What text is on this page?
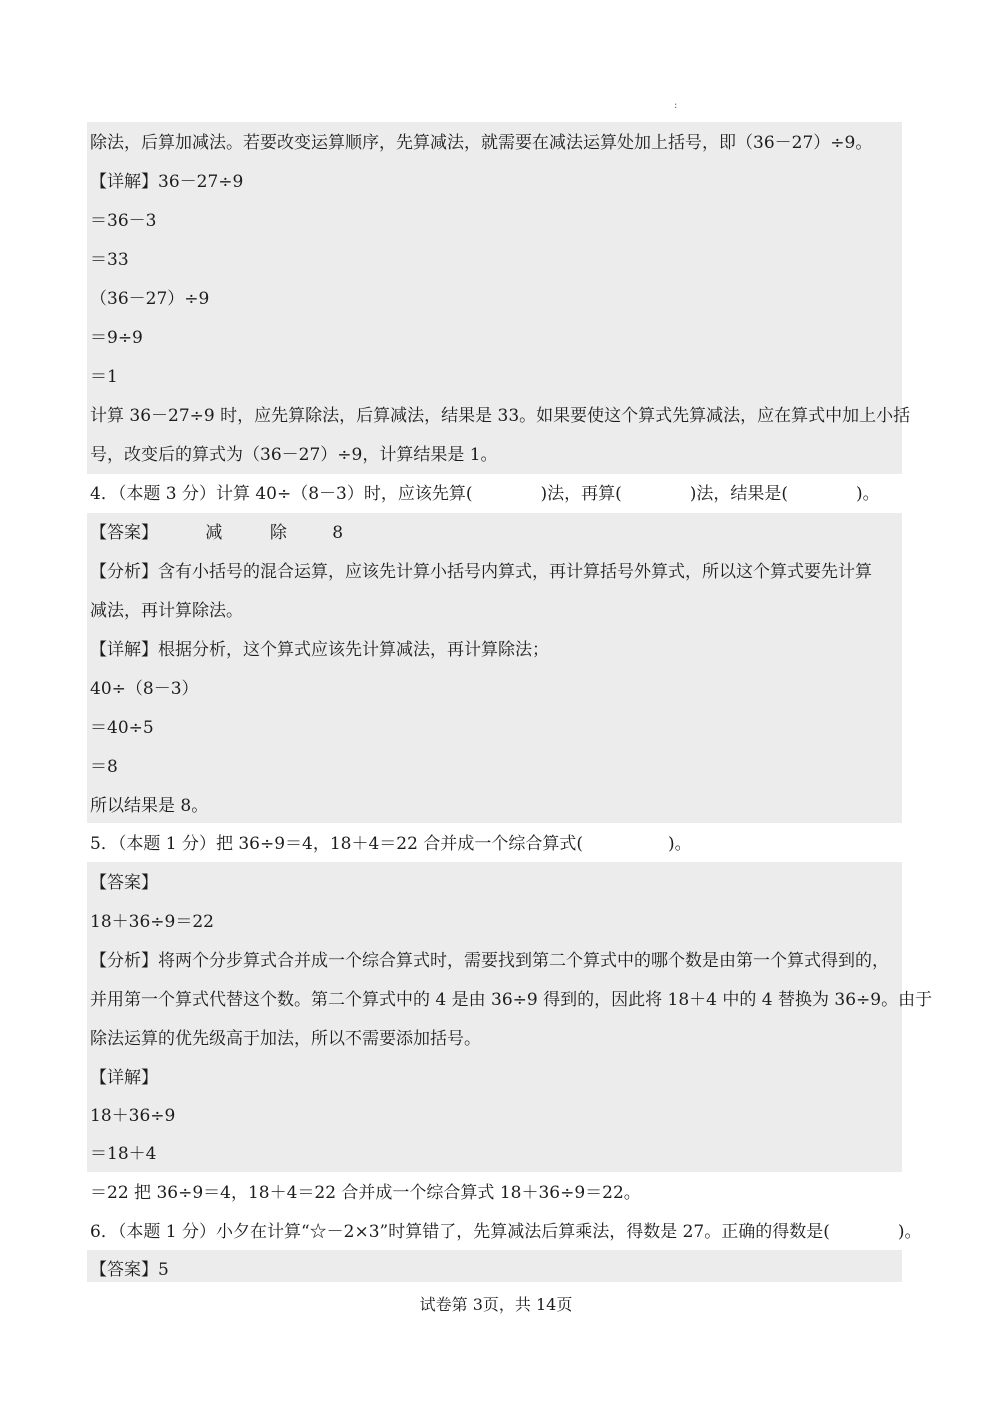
:
除法，后算加减法。若要改变运算顺序，先算减法，就需要在减法运算处加上括号，即（36－27）÷9。
【详解】36－27÷9
＝36－3
＝33
（36－27）÷9
＝9÷9
＝1
计算 36－27÷9 时，应先算除法，后算减法，结果是 33。如果要使这个算式先算减法，应在算式中加上小括
号，改变后的算式为（36－27）÷9，计算结果是 1。
4．（本题 3 分）计算 40÷（8－3）时，应该先算(　　　　)法，再算(　　　　)法，结果是(　　　　)。
【答案】	减	除	8
【分析】含有小括号的混合运算，应该先计算小括号内算式，再计算括号外算式，所以这个算式要先计算
减法，再计算除法。
【详解】根据分析，这个算式应该先计算减法，再计算除法；
40÷（8－3）
＝40÷5
＝8
所以结果是 8。
5．（本题 1 分）把 36÷9＝4，18＋4＝22 合并成一个综合算式(　　　　　)。
【答案】
18＋36÷9＝22
【分析】将两个分步算式合并成一个综合算式时，需要找到第二个算式中的哪个数是由第一个算式得到的，
并用第一个算式代替这个数。第二个算式中的 4 是由 36÷9 得到的，因此将 18＋4 中的 4 替换为 36÷9。由于
除法运算的优先级高于加法，所以不需要添加括号。
【详解】
18＋36÷9
＝18＋4
＝22 把 36÷9＝4，18＋4＝22 合并成一个综合算式 18＋36÷9＝22。
6．（本题 1 分）小夕在计算“☆－2×3”时算错了，先算减法后算乘法，得数是 27。正确的得数是(　　　　)。
【答案】5
试卷第 3页，共 14页
